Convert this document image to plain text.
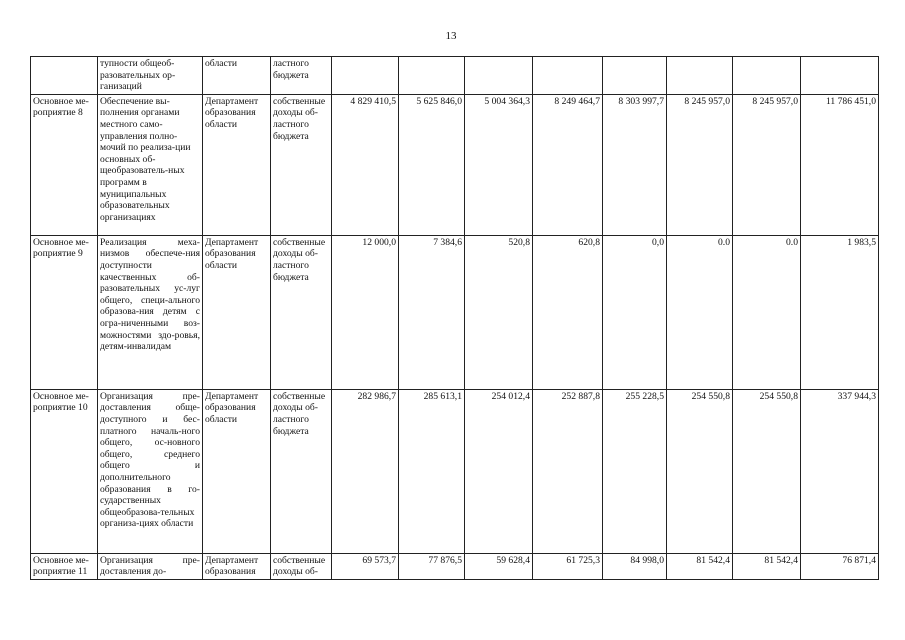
13
	тупности общеоб-разовательных ор-ганизаций	области	ластного бюджета								
Основное ме-роприятие 8	Обеспечение вы-полнения органами местного само-управления полно-мочий по реализа-ции основных об-щеобразователь-ных программ в муниципальных образовательных организациях	Департамент образования области	собственные доходы об-ластного бюджета	4 829 410,5	5 625 846,0	5 004 364,3	8 249 464,7	8 303 997,7	8 245 957,0	8 245 957,0	11 786 451,0
Основное ме-роприятие 9	Реализация меха-низмов обеспече-ния доступности качественных об-разовательных ус-луг общего, специ-ального образова-ния детям с огра-ниченными воз-можностями здо-ровья, детям-инвалидам	Департамент образования области	собственные доходы об-ластного бюджета	12 000,0	7 384,6	520,8	620,8	0,0	0.0	0.0	1 983,5
Основное ме-роприятие 10	Организация пре-доставления обще-доступного и бес-платного началь-ного общего, ос-новного общего, среднего общего и дополнительного образования в го-сударственных общеобразова-тельных организа-циях области	Департамент образования области	собственные доходы об-ластного бюджета	282 986,7	285 613,1	254 012,4	252 887,8	255 228,5	254 550,8	254 550,8	337 944,3
Основное ме-роприятие 11	Организация пре-доставления до-	Департамент образования	собственные доходы об-	69 573,7	77 876,5	59 628,4	61 725,3	84 998,0	81 542,4	81 542,4	76 871,4
